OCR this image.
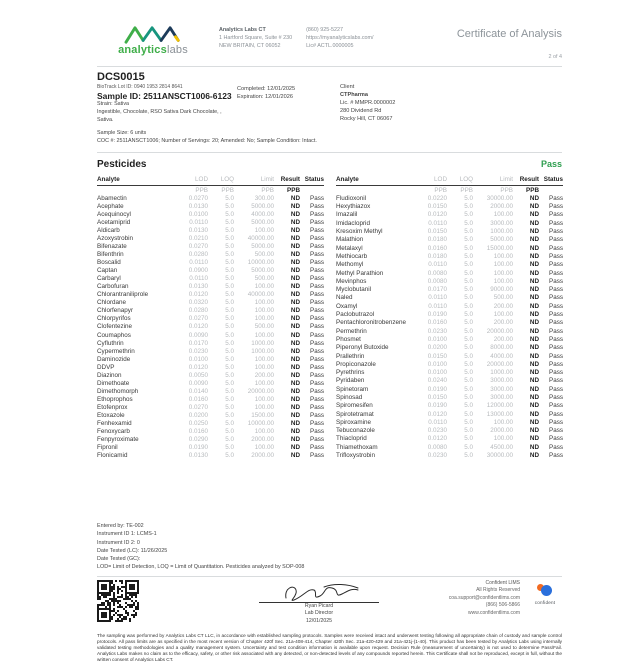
analyticslabs
Analytics Labs CT
1 Hartford Square, Suite # 230
NEW BRITAIN, CT 06052
(860) 925-5227
https://myanalyticslabs.com/
Lic# ACTL.0000005
Certificate of Analysis
2 of 4
DCS0015
BioTrack Lot ID: 0940 1953 2814 8641
Sample ID: 2511ANSCT1006-6123
Strain: Sativa
Ingestible, Chocolate, RSO Sativa Dark Chocolate, ,
Sativa.
Sample Size: 6 units
COC #: 2511ANSCT1006; Number of Servings: 20; Amended: No; Sample Condition: Intact.
Completed: 12/01/2025
Expiration: 12/01/2026
Client
CTPharma
Lic. # MMPR.0000002
280 Dividend Rd
Rocky Hill, CT 06067
Pesticides	Pass
Analyte	LOD	LOQ	Limit	Result	Status
	PPB	PPB	PPB	PPB	
Abamectin	0.0270	5.0	300.00	ND	Pass
Acephate	0.0130	5.0	5000.00	ND	Pass
Acequinocyl	0.0100	5.0	4000.00	ND	Pass
Acetamiprid	0.0110	5.0	5000.00	ND	Pass
Aldicarb	0.0130	5.0	100.00	ND	Pass
Azoxystrobin	0.0210	5.0	40000.00	ND	Pass
Bifenazate	0.0270	5.0	5000.00	ND	Pass
Bifenthrin	0.0280	5.0	500.00	ND	Pass
Boscalid	0.0110	5.0	10000.00	ND	Pass
Captan	0.0900	5.0	5000.00	ND	Pass
Carbaryl	0.0110	5.0	500.00	ND	Pass
Carbofuran	0.0130	5.0	100.00	ND	Pass
Chlorantraniliprole	0.0120	5.0	40000.00	ND	Pass
Chlordane	0.0320	5.0	100.00	ND	Pass
Chlorfenapyr	0.0280	5.0	100.00	ND	Pass
Chlorpyrifos	0.0270	5.0	100.00	ND	Pass
Clofentezine	0.0120	5.0	500.00	ND	Pass
Coumaphos	0.0090	5.0	100.00	ND	Pass
Cyfluthrin	0.0170	5.0	1000.00	ND	Pass
Cypermethrin	0.0230	5.0	1000.00	ND	Pass
Daminozide	0.0100	5.0	100.00	ND	Pass
DDVP	0.0120	5.0	100.00	ND	Pass
Diazinon	0.0050	5.0	200.00	ND	Pass
Dimethoate	0.0090	5.0	100.00	ND	Pass
Dimethomorph	0.0140	5.0	20000.00	ND	Pass
Ethoprophos	0.0160	5.0	100.00	ND	Pass
Etofenprox	0.0270	5.0	100.00	ND	Pass
Etoxazole	0.0200	5.0	1500.00	ND	Pass
Fenhexamid	0.0250	5.0	10000.00	ND	Pass
Fenoxycarb	0.0160	5.0	100.00	ND	Pass
Fenpyroximate	0.0290	5.0	2000.00	ND	Pass
Fipronil	0.0190	5.0	100.00	ND	Pass
Flonicamid	0.0130	5.0	2000.00	ND	Pass
Analyte	LOD	LOQ	Limit	Result	Status
	PPB	PPB	PPB	PPB	
Fludioxonil	0.0220	5.0	30000.00	ND	Pass
Hexythiazox	0.0150	5.0	2000.00	ND	Pass
Imazalil	0.0120	5.0	100.00	ND	Pass
Imidacloprid	0.0110	5.0	3000.00	ND	Pass
Kresoxim Methyl	0.0150	5.0	1000.00	ND	Pass
Malathion	0.0180	5.0	5000.00	ND	Pass
Metalaxyl	0.0160	5.0	15000.00	ND	Pass
Methiocarb	0.0180	5.0	100.00	ND	Pass
Methomyl	0.0110	5.0	100.00	ND	Pass
Methyl Parathion	0.0080	5.0	100.00	ND	Pass
Mevinphos	0.0080	5.0	100.00	ND	Pass
Myclobutanil	0.0170	5.0	9000.00	ND	Pass
Naled	0.0110	5.0	500.00	ND	Pass
Oxamyl	0.0110	5.0	200.00	ND	Pass
Paclobutrazol	0.0190	5.0	100.00	ND	Pass
Pentachloronitrobenzene	0.0160	5.0	200.00	ND	Pass
Permethrin	0.0230	5.0	20000.00	ND	Pass
Phosmet	0.0100	5.0	200.00	ND	Pass
Piperonyl Butoxide	0.0200	5.0	8000.00	ND	Pass
Prallethrin	0.0150	5.0	4000.00	ND	Pass
Propiconazole	0.0100	5.0	20000.00	ND	Pass
Pyrethrins	0.0100	5.0	1000.00	ND	Pass
Pyridaben	0.0240	5.0	3000.00	ND	Pass
Spinetoram	0.0190	5.0	3000.00	ND	Pass
Spinosad	0.0150	5.0	3000.00	ND	Pass
Spiromesifen	0.0190	5.0	12000.00	ND	Pass
Spirotetramat	0.0120	5.0	13000.00	ND	Pass
Spiroxamine	0.0110	5.0	100.00	ND	Pass
Tebuconazole	0.0230	5.0	2000.00	ND	Pass
Thiacloprid	0.0120	5.0	100.00	ND	Pass
Thiamethoxam	0.0080	5.0	4500.00	ND	Pass
Trifloxystrobin	0.0230	5.0	30000.00	ND	Pass
Entered by: TE-002
Instrument ID 1: LCMS-1
Instrument ID 2: 0
Date Tested (LC): 11/26/2025
Date Tested (GC):
LOD= Limit of Detection, LOQ = Limit of Quantitation. Pesticides analyzed by SOP-008
Ryan Picard
Lab Director
12/01/2025
Confident LIMS
All Rights Reserved
coa.support@confidentlims.com
(866) 506-5866
www.confidentlims.com
confident
The sampling was performed by Analytics Labs CT LLC, in accordance with established sampling protocols. Samples were received intact and underwent testing following all appropriate chain of custody and sample control protocols. All pass limits are as specified in the most recent version of Chapter 420f Sec. 21a-408-414, Chapter 420h Sec. 21a-420-429 and 21a-421j-(1-40). This product has been tested by Analytics Labs using internally validated testing methodologies and a quality management system. Uncertainty and test condition information is available upon request. Decision Rule (measurement of uncertainty) is not used to determine Pass/Fail. Analytics Labs makes no claim as to the efficacy, safety, or other risk associated with any detected, or non-detected levels of any compounds reported herein. This Certificate shall not be reproduced, except in full, without the written consent of Analytics Labs CT.
